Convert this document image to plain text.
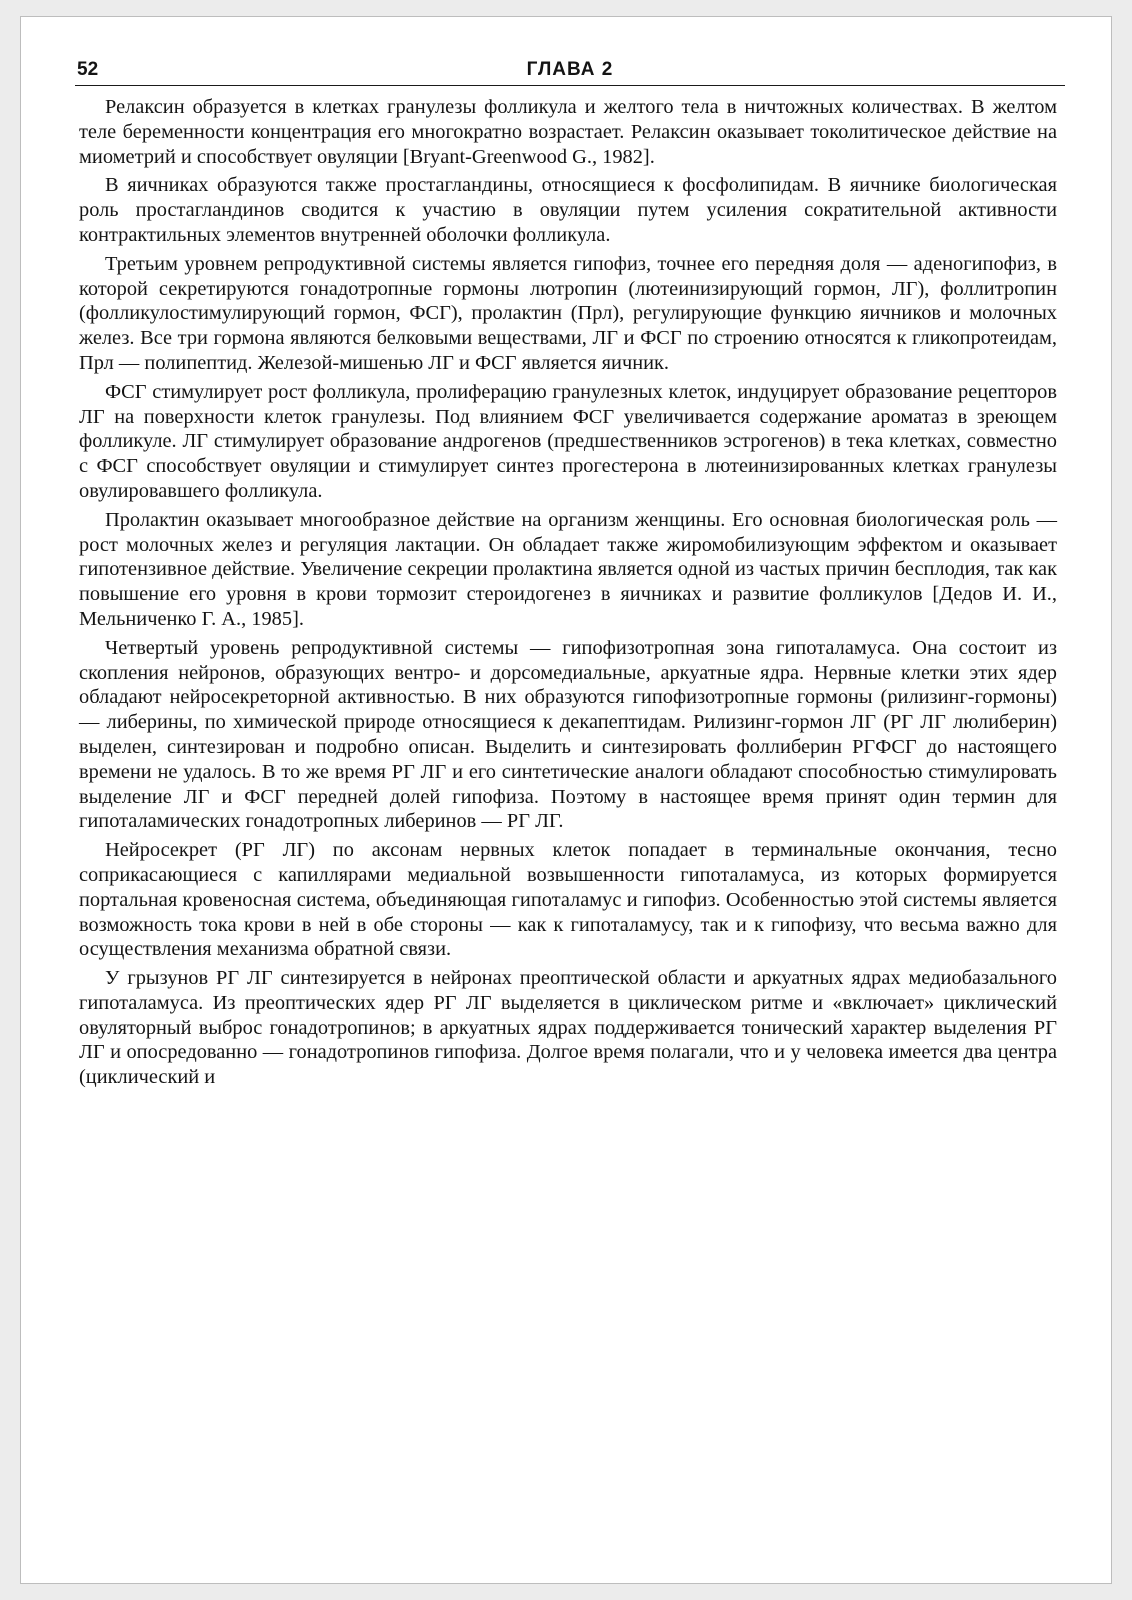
52	ГЛАВА 2

Релаксин образуется в клетках гранулезы фолликула и желтого тела в ничтожных количествах. В желтом теле беременности концентрация его многократно возрастает. Релаксин оказывает токолитическое действие на миометрий и способствует овуляции [Bryant-Greenwood G., 1982].

В яичниках образуются также простагландины, относящиеся к фосфолипидам. В яичнике биологическая роль простагландинов сводится к участию в овуляции путем усиления сократительной активности контрактильных элементов внутренней оболочки фолликула.

Третьим уровнем репродуктивной системы является гипофиз, точнее его передняя доля — аденогипофиз, в которой секретируются гонадотропные гормоны лютропин (лютеинизирующий гормон, ЛГ), фоллитропин (фолликулостимулирующий гормон, ФСГ), пролактин (Прл), регулирующие функцию яичников и молочных желез. Все три гормона являются белковыми веществами, ЛГ и ФСГ по строению относятся к гликопротеидам, Прл — полипептид. Железой-мишенью ЛГ и ФСГ является яичник.

ФСГ стимулирует рост фолликула, пролиферацию гранулезных клеток, индуцирует образование рецепторов ЛГ на поверхности клеток гранулезы. Под влиянием ФСГ увеличивается содержание ароматаз в зреющем фолликуле. ЛГ стимулирует образование андрогенов (предшественников эстрогенов) в тека клетках, совместно с ФСГ способствует овуляции и стимулирует синтез прогестерона в лютеинизированных клетках гранулезы овулировавшего фолликула.

Пролактин оказывает многообразное действие на организм женщины. Его основная биологическая роль — рост молочных желез и регуляция лактации. Он обладает также жиромобилизующим эффектом и оказывает гипотензивное действие. Увеличение секреции пролактина является одной из частых причин бесплодия, так как повышение его уровня в крови тормозит стероидогенез в яичниках и развитие фолликулов [Дедов И. И., Мельниченко Г. А., 1985].

Четвертый уровень репродуктивной системы — гипофизотропная зона гипоталамуса. Она состоит из скопления нейронов, образующих вентро- и дорсомедиальные, аркуатные ядра. Нервные клетки этих ядер обладают нейросекреторной активностью. В них образуются гипофизотропные гормоны (рилизинг-гормоны) — либерины, по химической природе относящиеся к декапептидам. Рилизинг-гормон ЛГ (РГ ЛГ люлиберин) выделен, синтезирован и подробно описан. Выделить и синтезировать фоллиберин РГФСГ до настоящего времени не удалось. В то же время РГ ЛГ и его синтетические аналоги обладают способностью стимулировать выделение ЛГ и ФСГ передней долей гипофиза. Поэтому в настоящее время принят один термин для гипоталамических гонадотропных либеринов — РГ ЛГ.

Нейросекрет (РГ ЛГ) по аксонам нервных клеток попадает в терминальные окончания, тесно соприкасающиеся с капиллярами медиальной возвышенности гипоталамуса, из которых формируется портальная кровеносная система, объединяющая гипоталамус и гипофиз. Особенностью этой системы является возможность тока крови в ней в обе стороны — как к гипоталамусу, так и к гипофизу, что весьма важно для осуществления механизма обратной связи.

У грызунов РГ ЛГ синтезируется в нейронах преоптической области и аркуатных ядрах медиобазального гипоталамуса. Из преоптических ядер РГ ЛГ выделяется в циклическом ритме и «включает» циклический овуляторный выброс гонадотропинов; в аркуатных ядрах поддерживается тонический характер выделения РГ ЛГ и опосредованно — гонадотропинов гипофиза. Долгое время полагали, что и у человека имеется два центра (циклический и
